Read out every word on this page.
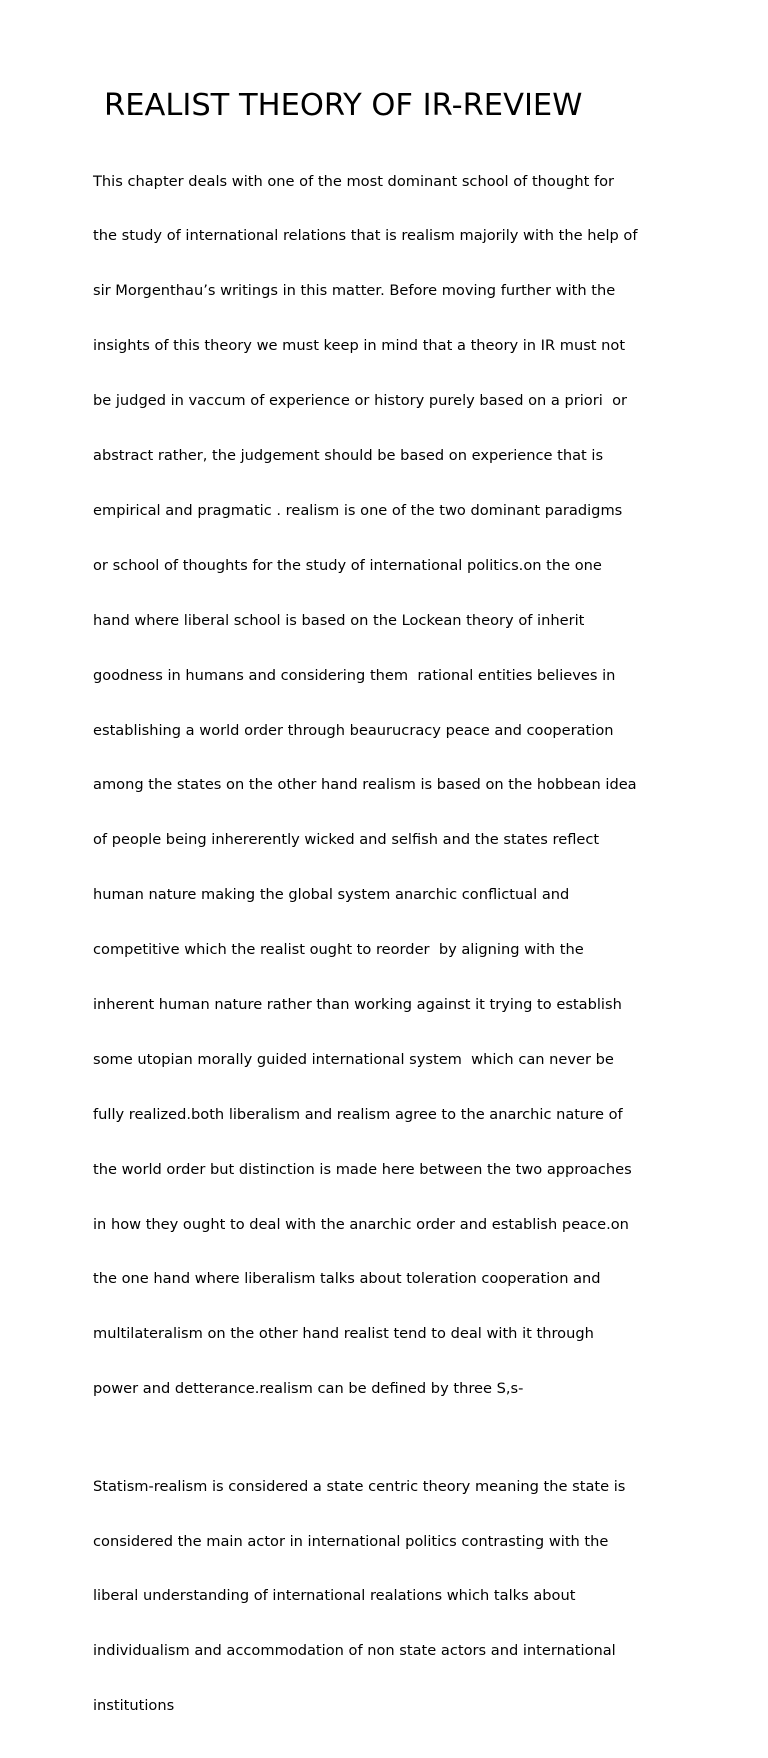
REALIST THEORY OF IR-REVIEW

This chapter deals with one of the most dominant school of thought for

the study of international relations that is realism majorily with the help of

sir Morgenthau’s writings in this matter. Before moving further with the

insights of this theory we must keep in mind that a theory in IR must not

be judged in vaccum of experience or history purely based on a priori  or

abstract rather, the judgement should be based on experience that is

empirical and pragmatic . realism is one of the two dominant paradigms

or school of thoughts for the study of international politics.on the one

hand where liberal school is based on the Lockean theory of inherit

goodness in humans and considering them  rational entities believes in

establishing a world order through beaurucracy peace and cooperation

among the states on the other hand realism is based on the hobbean idea

of people being inhererently wicked and selfish and the states reflect

human nature making the global system anarchic conflictual and

competitive which the realist ought to reorder  by aligning with the

inherent human nature rather than working against it trying to establish

some utopian morally guided international system  which can never be

fully realized.both liberalism and realism agree to the anarchic nature of

the world order but distinction is made here between the two approaches

in how they ought to deal with the anarchic order and establish peace.on

the one hand where liberalism talks about toleration cooperation and

multilateralism on the other hand realist tend to deal with it through

power and detterance.realism can be defined by three S,s-

Statism-realism is considered a state centric theory meaning the state is

considered the main actor in international politics contrasting with the

liberal understanding of international realations which talks about

individualism and accommodation of non state actors and international

institutions
